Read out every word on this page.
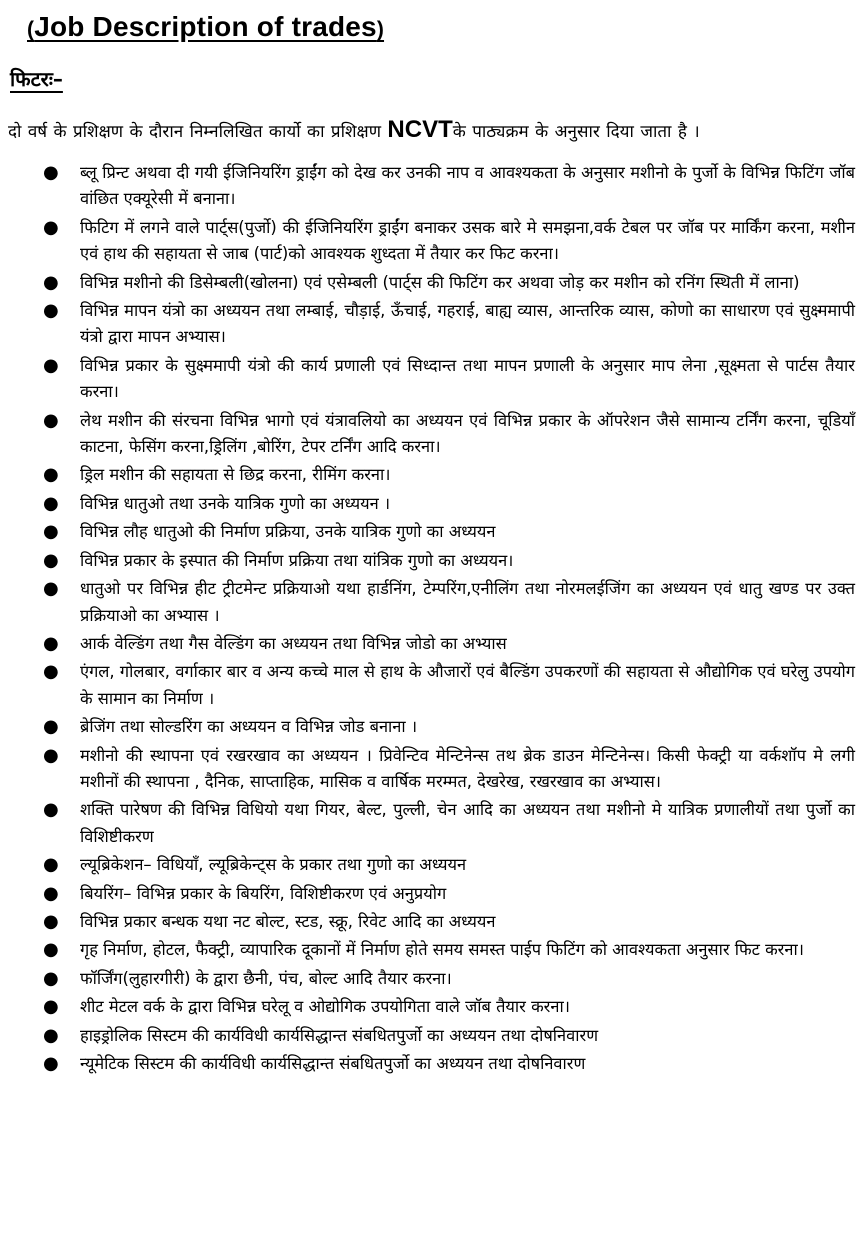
(Job Description of trades)
फिटरः–
दो वर्ष के प्रशिक्षण के दौरान निम्नलिखित कार्यो का प्रशिक्षण NCVTके पाठ्यक्रम के अनुसार दिया जाता है ।
● ब्लू प्रिन्ट अथवा दी गयी ईजिनियरिंग ड्राईंग को देख कर उनकी नाप व आवश्यकता के अनुसार मशीनो के पुर्जो के विभिन्न फिटिंग जॉब वांछित एक्यूरेसी में बनाना।
● फिटिग में लगने वाले पार्ट्स(पुर्जो) की ईजिनियरिंग ड्राईंग बनाकर उसक बारे मे समझना,वर्क टेबल पर जॉब पर मार्किंग करना, मशीन एवं हाथ की सहायता से जाब (पार्ट)को आवश्यक शुध्दता में तैयार कर फिट करना।
● विभिन्न मशीनो की डिसेम्बली(खोलना) एवं एसेम्बली (पार्ट्स की फिटिंग कर अथवा जोड़ कर मशीन को रनिंग स्थिती में लाना)
● विभिन्न मापन यंत्रो का अध्ययन तथा लम्बाई, चौड़ाई, ऊँचाई, गहराई, बाह्य व्यास, आन्तरिक व्यास, कोणो का साधारण एवं सुक्ष्ममापी यंत्रो द्वारा मापन अभ्यास।
● विभिन्न प्रकार के सुक्ष्ममापी यंत्रो की कार्य प्रणाली एवं सिध्दान्त तथा मापन प्रणाली के अनुसार माप लेना ,सूक्ष्मता से पार्टस तैयार करना।
● लेथ मशीन की संरचना विभिन्न भागो एवं यंत्रावलियो का अध्ययन एवं विभिन्न प्रकार के ऑपरेशन जैसे सामान्य टर्निंग करना, चूडियॉं काटना, फेसिंग करना,ड्रिलिंग ,बोरिंग, टेपर टर्निंग आदि करना।
● ड्रिल मशीन की सहायता से छिद्र करना, रीमिंग करना।
● विभिन्न धातुओ तथा उनके यात्रिक गुणो का अध्ययन ।
● विभिन्न लौह धातुओ की निर्माण प्रक्रिया, उनके यात्रिक गुणो का अध्ययन
● विभिन्न प्रकार के इस्पात की निर्माण प्रक्रिया तथा यांत्रिक गुणो का अध्ययन।
● धातुओ पर विभिन्न हीट ट्रीटमेन्ट प्रक्रियाओ यथा हार्डनिंग, टेम्परिंग,एनीलिंग तथा नोरमलईजिंग का अध्ययन एवं धातु खण्ड पर उक्त प्रक्रियाओ का अभ्यास ।
● आर्क वेल्डिंग तथा गैस वेल्डिंग का अध्ययन तथा विभिन्न जोडो का अभ्यास
● एंगल, गोलबार, वर्गाकार बार व अन्य कच्चे माल से हाथ के औजारों एवं बैल्डिंग उपकरणों की सहायता से औद्योगिक एवं घरेलु उपयोग के सामान का निर्माण ।
● ब्रेजिंग तथा सोल्डरिंग का अध्ययन व विभिन्न जोड बनाना ।
● मशीनो की स्थापना एवं रखरखाव का अध्ययन । प्रिवेन्टिव मेन्टिनेन्स तथ ब्रेक डाउन मेन्टिनेन्स। किसी फेक्ट्री या वर्कशॉप मे लगी मशीनों की स्थापना , दैनिक, साप्ताहिक, मासिक व वार्षिक मरम्मत, देखरेख, रखरखाव का अभ्यास।
● शक्ति पारेषण की विभिन्न विधियो यथा गियर, बेल्ट, पुल्ली, चेन आदि का अध्ययन तथा मशीनो मे यात्रिक प्रणालीयों तथा पुर्जो का विशिष्टीकरण
● ल्यूब्रिकेशन– विधियॉं, ल्यूब्रिकेन्ट्स के प्रकार तथा गुणो का अध्ययन
● बियरिंग– विभिन्न प्रकार के बियरिंग, विशिष्टीकरण एवं अनुप्रयोग
● विभिन्न प्रकार बन्धक यथा नट बोल्ट, स्टड, स्क्रू, रिवेट आदि का अध्ययन
● गृह निर्माण, होटल, फैक्ट्री, व्यापारिक दूकानों में निर्माण होते समय समस्त पाईप फिटिंग को आवश्यकता अनुसार फिट करना।
● फॉर्जिंग(लुहारगीरी) के द्वारा छैनी, पंच, बोल्ट आदि तैयार करना।
● शीट मेटल वर्क के द्वारा विभिन्न घरेलू व ओद्योगिक उपयोगिता वाले जॉब तैयार करना।
● हाइड्रोलिक सिस्टम की कार्यविधी कार्यसिद्धान्त संबधितपुर्जो का अध्ययन तथा दोषनिवारण
● न्यूमेटिक सिस्टम की कार्यविधी कार्यसिद्धान्त संबधितपुर्जो का अध्ययन तथा दोषनिवारण
